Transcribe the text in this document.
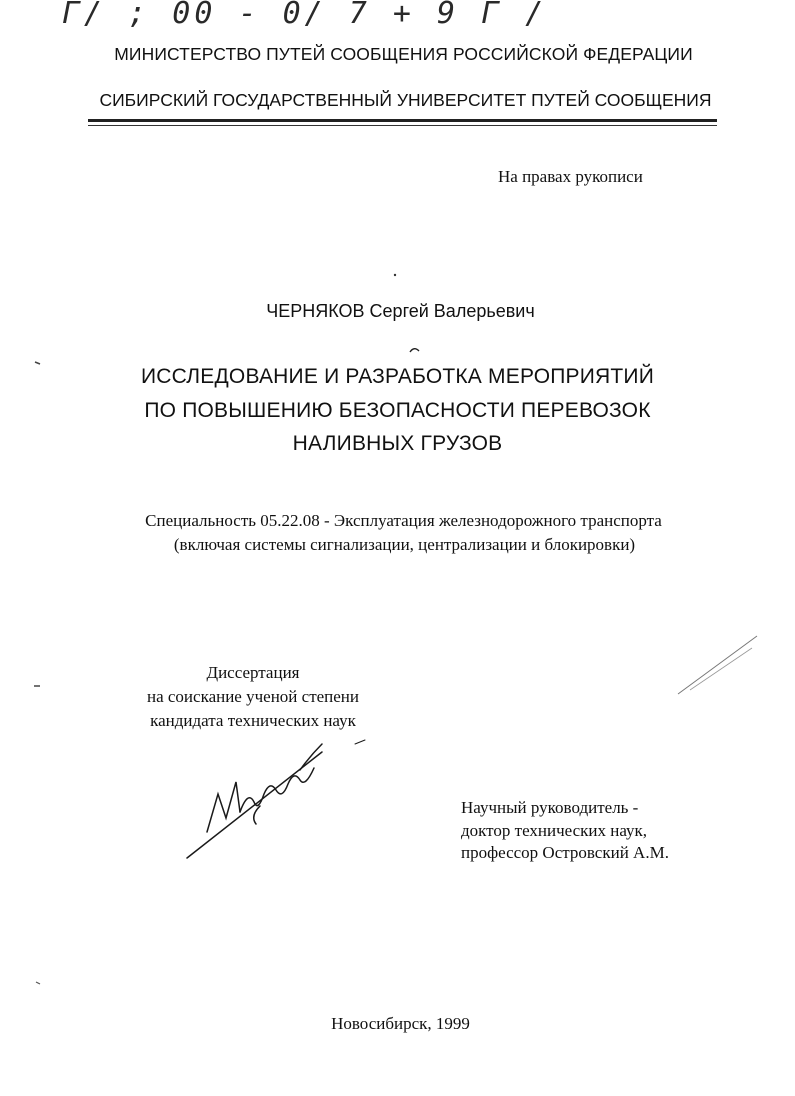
Г/ ; 00 - 0/ 7 + 9 Г /
МИНИСТЕРСТВО ПУТЕЙ СООБЩЕНИЯ РОССИЙСКОЙ ФЕДЕРАЦИИ
СИБИРСКИЙ ГОСУДАРСТВЕННЫЙ УНИВЕРСИТЕТ ПУТЕЙ СООБЩЕНИЯ
На правах рукописи
ЧЕРНЯКОВ Сергей Валерьевич
ИССЛЕДОВАНИЕ И РАЗРАБОТКА МЕРОПРИЯТИЙ
ПО ПОВЫШЕНИЮ БЕЗОПАСНОСТИ ПЕРЕВОЗОК
НАЛИВНЫХ ГРУЗОВ
Специальность 05.22.08 - Эксплуатация железнодорожного транспорта
(включая системы сигнализации, централизации и блокировки)
Диссертация
на соискание ученой степени
кандидата технических наук
Научный руководитель -
доктор технических наук,
профессор Островский А.М.
Новосибирск, 1999
